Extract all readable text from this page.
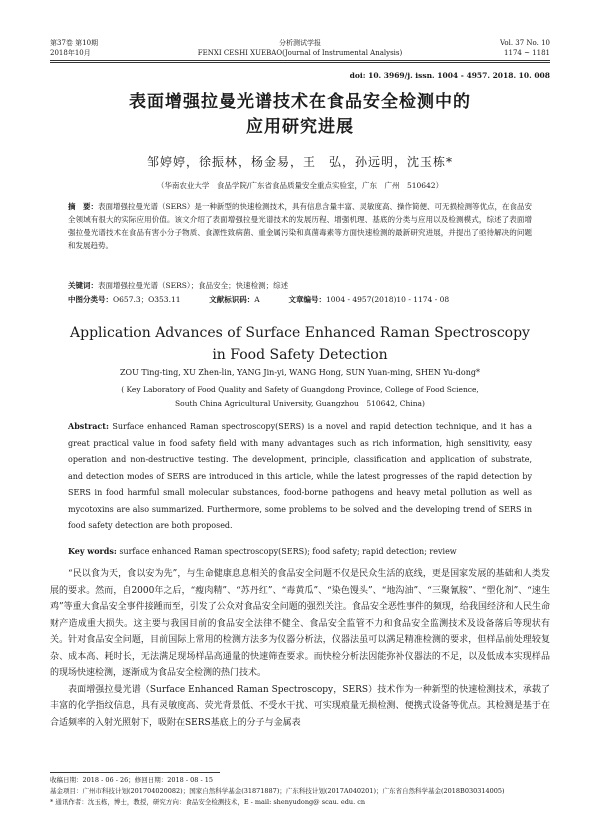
第37卷 第10期
2018年10月
分析测试学报
FENXI CESHI XUEBAO(Journal of Instrumental Analysis)
Vol. 37 No. 10
1174 ~ 1181
doi: 10. 3969/j. issn. 1004 - 4957. 2018. 10. 008
表面增强拉曼光谱技术在食品安全检测中的
应用研究进展
邹婷婷，徐振林，杨金易，王　弘，孙远明，沈玉栋*
（华南农业大学　食品学院/广东省食品质量安全重点实验室，广东　广州　510642）
摘　要：表面增强拉曼光谱（SERS）是一种新型的快速检测技术，具有信息含量丰富、灵敏度高、操作简便、可无损检测等优点，在食品安全领域有很大的实际应用价值。该文介绍了表面增强拉曼光谱技术的发展历程、增强机理、基底的分类与应用以及检测模式，综述了表面增强拉曼光谱技术在食品有害小分子物质、食源性致病菌、重金属污染和真菌毒素等方面快速检测的最新研究进展，并提出了亟待解决的问题和发展趋势。
关键词：表面增强拉曼光谱（SERS）；食品安全；快速检测；综述
中图分类号：O657.3；O353.11	文献标识码：A	文章编号：1004 - 4957(2018)10 - 1174 - 08
Application Advances of Surface Enhanced Raman Spectroscopy
in Food Safety Detection
ZOU Ting-ting, XU Zhen-lin, YANG Jin-yi, WANG Hong, SUN Yuan-ming, SHEN Yu-dong*
( Key Laboratory of Food Quality and Safety of Guangdong Province, College of Food Science,
South China Agricultural University, Guangzhou　510642, China)
Abstract: Surface enhanced Raman spectroscopy(SERS) is a novel and rapid detection technique, and it has a great practical value in food safety field with many advantages such as rich information, high sensitivity, easy operation and non-destructive testing. The development, principle, classification and application of substrate, and detection modes of SERS are introduced in this article, while the latest progresses of the rapid detection by SERS in food harmful small molecular substances, food-borne pathogens and heavy metal pollution as well as mycotoxins are also summarized. Furthermore, some problems to be solved and the developing trend of SERS in food safety detection are both proposed.
Key words: surface enhanced Raman spectroscopy(SERS); food safety; rapid detection; review

“民以食为天，食以安为先”，与生命健康息息相关的食品安全问题不仅是民众生活的底线，更是国家发展的基础和人类发展的要求。然而，自2000年之后，“瘦肉精”、“苏丹红”、“毒黄瓜”、“染色馒头”、“地沟油”、“三聚氰胺”、“塑化剂”、“速生鸡”等重大食品安全事件接踵而至，引发了公众对食品安全问题的强烈关注。食品安全恶性事件的频现，给我国经济和人民生命财产造成重大损失。这主要与我国目前的食品安全法律不健全、食品安全监管不力和食品安全监测技术及设备落后等现状有关。针对食品安全问题，目前国际上常用的检测方法多为仪器分析法，仪器法虽可以满足精准检测的要求，但样品前处理较复杂、成本高、耗时长，无法满足现场样品高通量的快速筛查要求。而快检分析法因能弥补仪器法的不足，以及低成本实现样品的现场快速检测，逐渐成为食品安全检测的热门技术。

表面增强拉曼光谱（Surface Enhanced Raman Spectroscopy，SERS）技术作为一种新型的快速检测技术，承载了丰富的化学指纹信息，具有灵敏度高、荧光背景低、不受水干扰、可实现痕量无损检测、便携式设备等优点。其检测是基于在合适频率的入射光照射下，吸附在SERS基底上的分子与金属表

收稿日期：2018 - 06 - 26；修回日期：2018 - 08 - 15
基金项目：广州市科技计划(201704020082)；国家自然科学基金(31871887)；广东科技计划(2017A040201)；广东省自然科学基金(2018B030314005)
* 通讯作者：沈玉栋，博士，教授，研究方向：食品安全检测技术，E - mail: shenyudong@ scau. edu. cn
